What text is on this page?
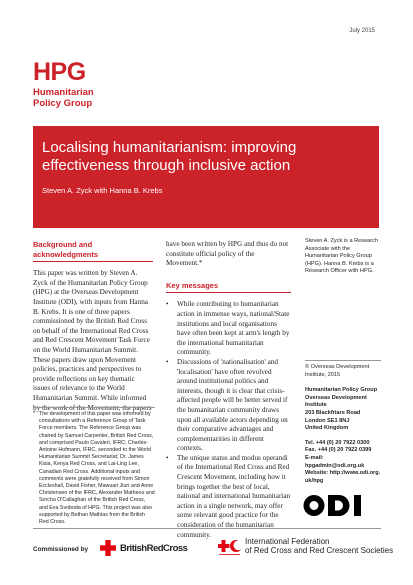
July 2015
HPG
Humanitarian
Policy Group
Localising humanitarianism: improving
effectiveness through inclusive action
Steven A. Zyck with Hanna B. Krebs
Background and acknowledgments

This paper was written by Steven A. Zyck of the Humanitarian Policy Group (HPG) at the Overseas Development Institute (ODI), with inputs from Hanna B. Krebs. It is one of three papers commissioned by the British Red Cross on behalf of the International Red Cross and Red Crescent Movement Task Force on the World Humanitarian Summit. These papers draw upon Movement policies, practices and perspectives to provide reflections on key thematic issues of relevance to the World Humanitarian Summit. While informed by the work of the Movement, the papers

* The development of this paper was informed by consultations with a Reference Group of Task Force members. The Reference Group was chaired by Samuel Carpenter, British Red Cross, and comprised Paulo Cavaleri, IFRC; Charles-Antoine Hofmann, IFRC, seconded to the World Humanitarian Summit Secretariat; Dr. James Kisia, Kenya Red Cross, and Lai-Ling Lee, Canadian Red Cross. Additional inputs and comments were gratefully received from Simon Eccleshall, David Fisher, Mawuari Jiuri and Anne Christensen of the IFRC, Alexander Matheou and Sorcha O'Callaghan of the British Red Cross, and Eva Svoboda of HPG. This project was also supported by Bethan Mathias from the British Red Cross.

have been written by HPG and thus do not constitute official policy of the Movement.*

Key messages
• While contributing to humanitarian action in immense ways, national/State institutions and local organisations have often been kept at arm's length by the international humanitarian community.
• Discussions of 'nationalisation' and 'localisation' have often revolved around institutional politics and interests, though it is clear that crisis-affected people will be better served if the humanitarian community draws upon all available actors depending on their comparative advantages and complementarities in different contexts.
• The unique status and modus operandi of the International Red Cross and Red Crescent Movement, including how it brings together the best of local, national and international humanitarian action in a single network, may offer some relevant good practice for the consideration of the humanitarian community.

Steven A. Zyck is a Research Associate with the Humanitarian Policy Group (HPG). Hanna B. Krebs is a Research Officer with HPG.

© Overseas Development Institute, 2015

Humanitarian Policy Group
Overseas Development Institute
203 Blackfriars Road
London SE1 8NJ
United Kingdom
Tel. +44 (0) 20 7922 0300
Fax. +44 (0) 20 7922 0399
E-mail: hpgadmin@odi.org.uk
Website: http://www.odi.org.
uk/hpg
Commissioned by	BritishRedCross
International Federation
of Red Cross and Red Crescent Societies
